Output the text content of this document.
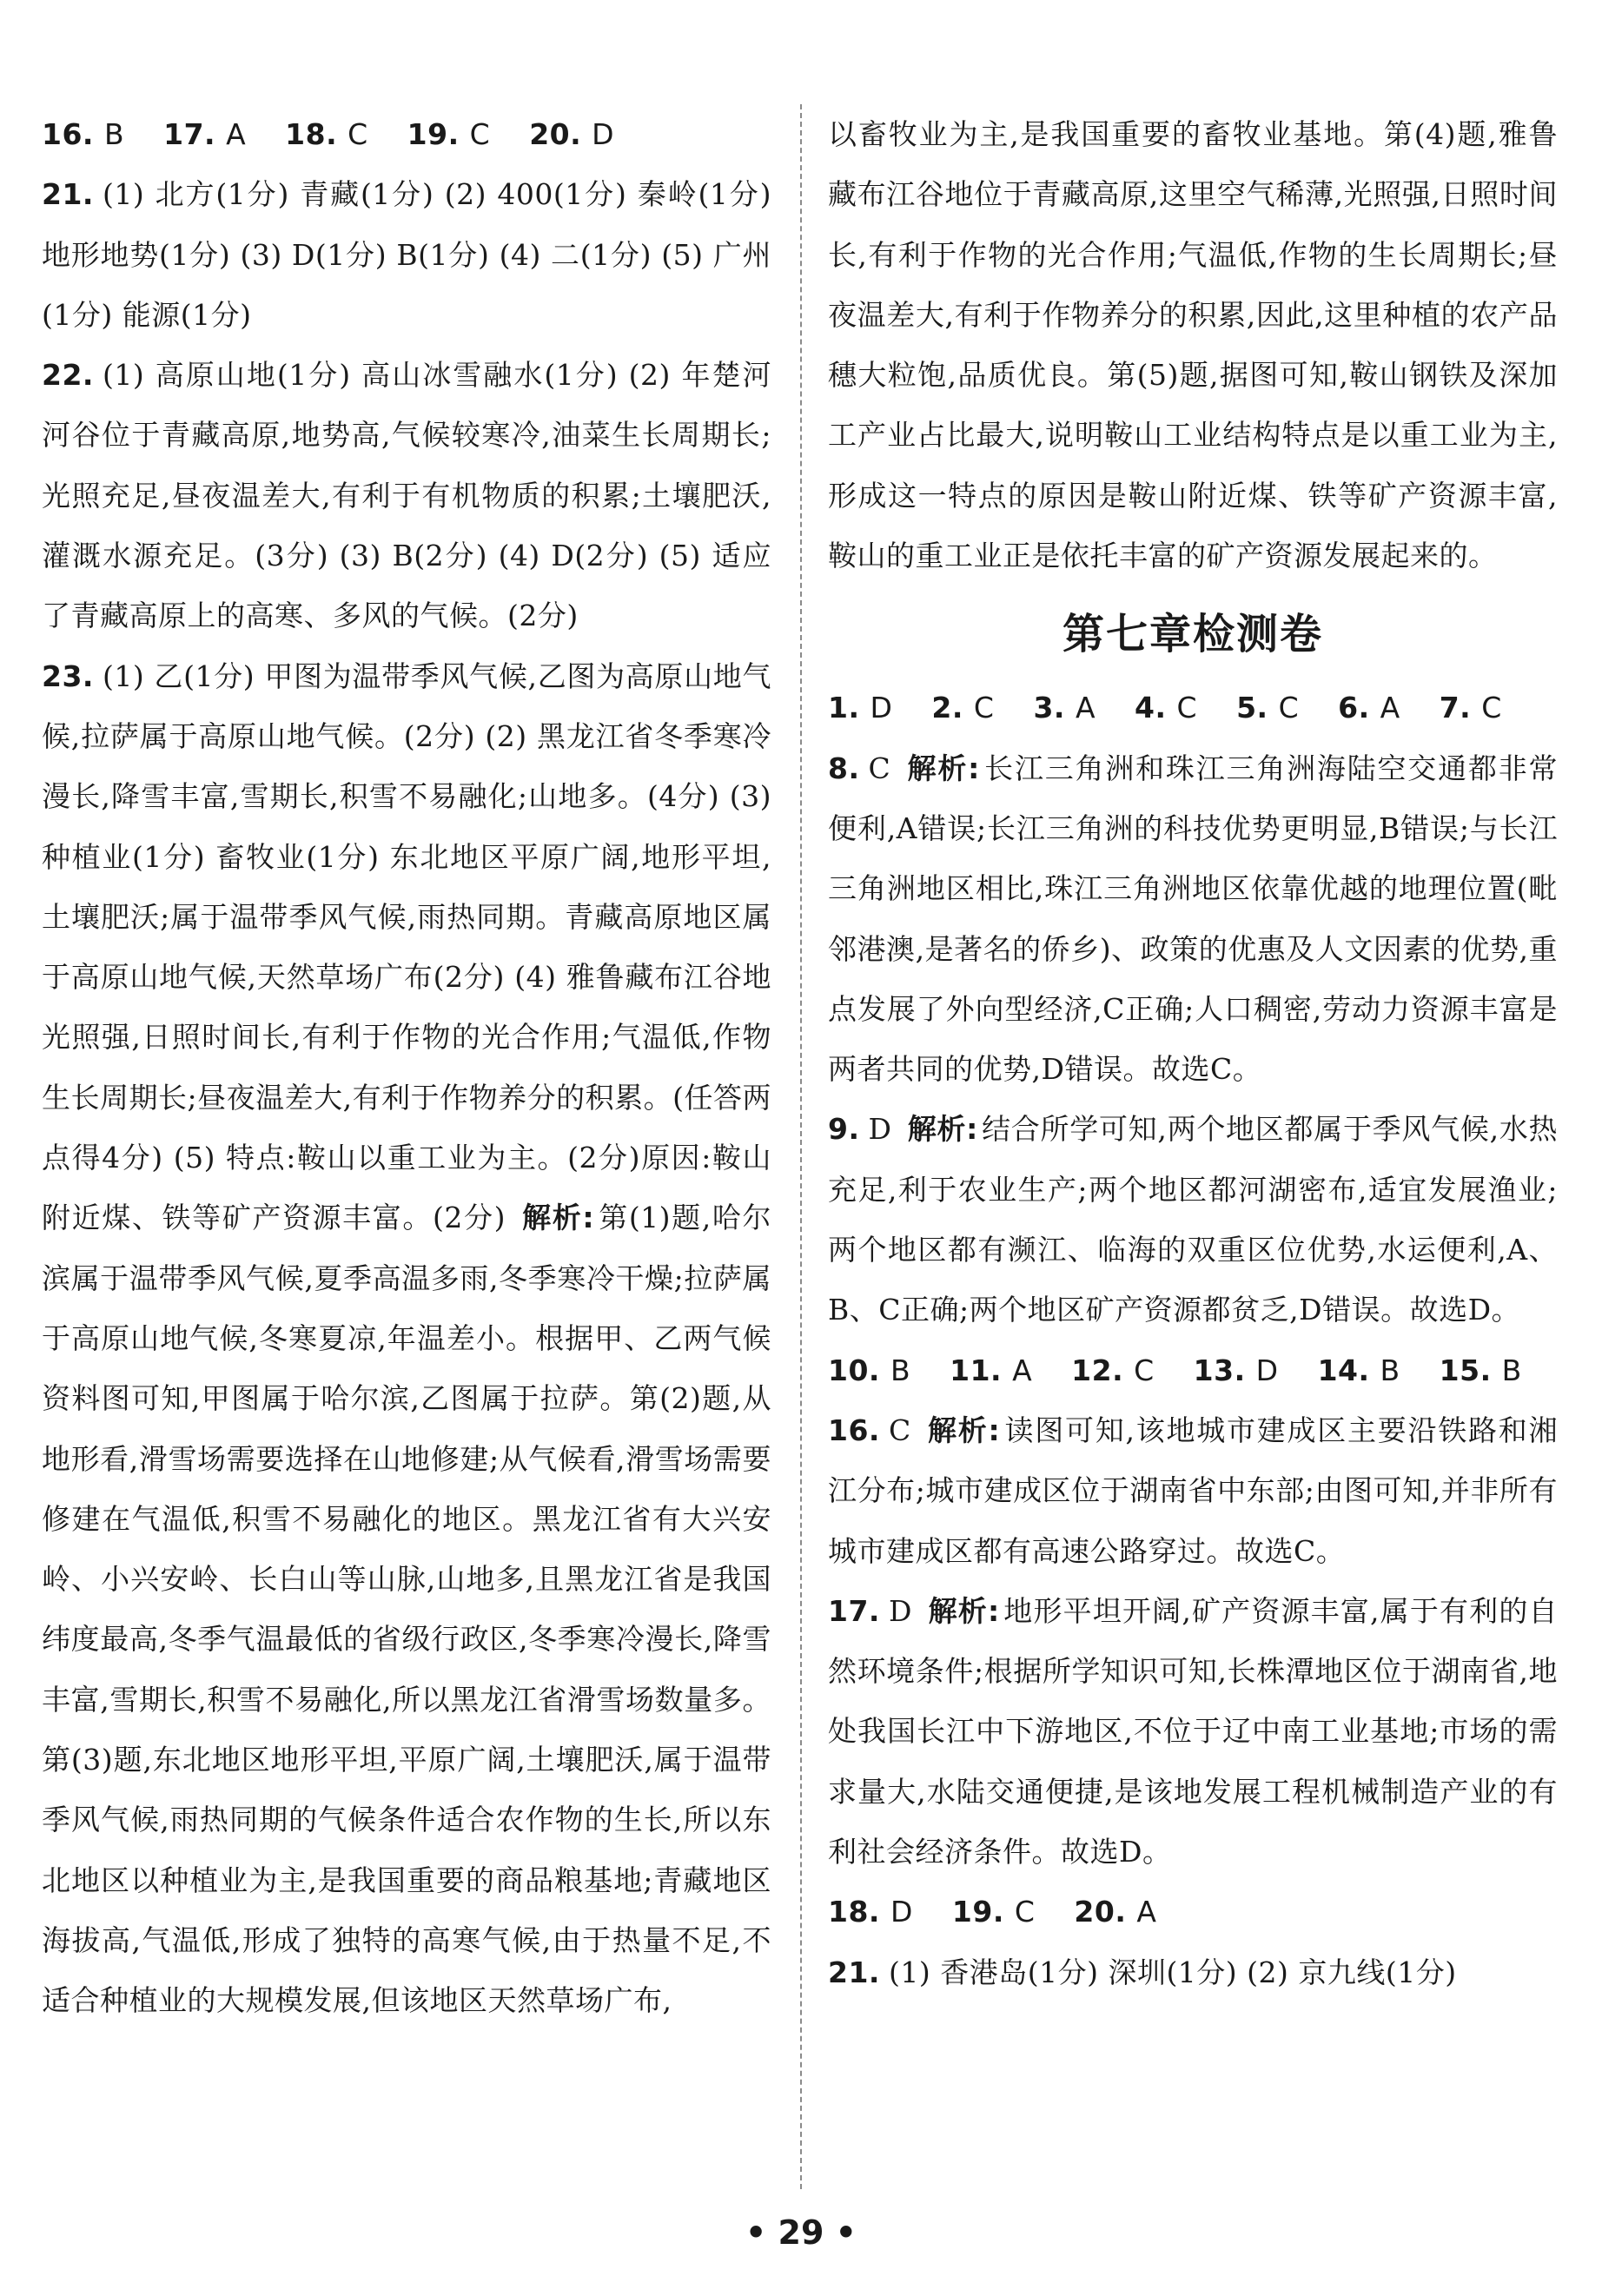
16. B 17. A 18. C 19. C 20. D

21. (1) 北方(1分) 青藏(1分) (2) 400(1分) 秦岭(1分) 地形地势(1分) (3) D(1分) B(1分) (4) 二(1分) (5) 广州(1分) 能源(1分)

22. (1) 高原山地(1分) 高山冰雪融水(1分) (2) 年楚河河谷位于青藏高原,地势高,气候较寒冷,油菜生长周期长;光照充足,昼夜温差大,有利于有机物质的积累;土壤肥沃,灌溉水源充足。(3分) (3) B(2分) (4) D(2分) (5) 适应了青藏高原上的高寒、多风的气候。(2分)

23. (1) 乙(1分) 甲图为温带季风气候,乙图为高原山地气候,拉萨属于高原山地气候。(2分) (2) 黑龙江省冬季寒冷漫长,降雪丰富,雪期长,积雪不易融化;山地多。(4分) (3) 种植业(1分) 畜牧业(1分) 东北地区平原广阔,地形平坦,土壤肥沃;属于温带季风气候,雨热同期。青藏高原地区属于高原山地气候,天然草场广布(2分) (4) 雅鲁藏布江谷地光照强,日照时间长,有利于作物的光合作用;气温低,作物生长周期长;昼夜温差大,有利于作物养分的积累。(任答两点得4分) (5) 特点:鞍山以重工业为主。(2分)原因:鞍山附近煤、铁等矿产资源丰富。(2分) 解析: 第(1)题,哈尔滨属于温带季风气候,夏季高温多雨,冬季寒冷干燥;拉萨属于高原山地气候,冬寒夏凉,年温差小。根据甲、乙两气候资料图可知,甲图属于哈尔滨,乙图属于拉萨。第(2)题,从地形看,滑雪场需要选择在山地修建;从气候看,滑雪场需要修建在气温低,积雪不易融化的地区。黑龙江省有大兴安岭、小兴安岭、长白山等山脉,山地多,且黑龙江省是我国纬度最高,冬季气温最低的省级行政区,冬季寒冷漫长,降雪丰富,雪期长,积雪不易融化,所以黑龙江省滑雪场数量多。第(3)题,东北地区地形平坦,平原广阔,土壤肥沃,属于温带季风气候,雨热同期的气候条件适合农作物的生长,所以东北地区以种植业为主,是我国重要的商品粮基地;青藏地区海拔高,气温低,形成了独特的高寒气候,由于热量不足,不适合种植业的大规模发展,但该地区天然草场广布,

以畜牧业为主,是我国重要的畜牧业基地。第(4)题,雅鲁藏布江谷地位于青藏高原,这里空气稀薄,光照强,日照时间长,有利于作物的光合作用;气温低,作物的生长周期长;昼夜温差大,有利于作物养分的积累,因此,这里种植的农产品穗大粒饱,品质优良。第(5)题,据图可知,鞍山钢铁及深加工产业占比最大,说明鞍山工业结构特点是以重工业为主,形成这一特点的原因是鞍山附近煤、铁等矿产资源丰富,鞍山的重工业正是依托丰富的矿产资源发展起来的。

第七章检测卷

1. D 2. C 3. A 4. C 5. C 6. A 7. C

8. C 解析: 长江三角洲和珠江三角洲海陆空交通都非常便利,A错误;长江三角洲的科技优势更明显,B错误;与长江三角洲地区相比,珠江三角洲地区依靠优越的地理位置(毗邻港澳,是著名的侨乡)、政策的优惠及人文因素的优势,重点发展了外向型经济,C正确;人口稠密,劳动力资源丰富是两者共同的优势,D错误。故选C。

9. D 解析: 结合所学可知,两个地区都属于季风气候,水热充足,利于农业生产;两个地区都河湖密布,适宜发展渔业;两个地区都有濒江、临海的双重区位优势,水运便利,A、B、C正确;两个地区矿产资源都贫乏,D错误。故选D。

10. B 11. A 12. C 13. D 14. B 15. B

16. C 解析: 读图可知,该地城市建成区主要沿铁路和湘江分布;城市建成区位于湖南省中东部;由图可知,并非所有城市建成区都有高速公路穿过。故选C。

17. D 解析: 地形平坦开阔,矿产资源丰富,属于有利的自然环境条件;根据所学知识可知,长株潭地区位于湖南省,地处我国长江中下游地区,不位于辽中南工业基地;市场的需求量大,水陆交通便捷,是该地发展工程机械制造产业的有利社会经济条件。故选D。

18. D 19. C 20. A

21. (1) 香港岛(1分) 深圳(1分) (2) 京九线(1分)

• 29 •
